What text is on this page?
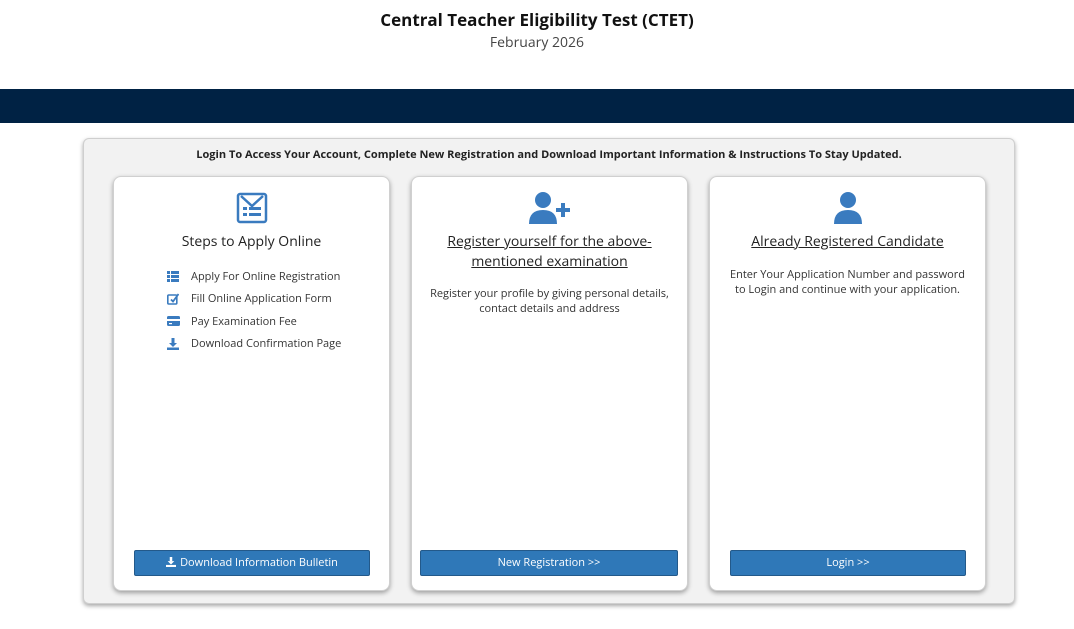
Central Teacher Eligibility Test (CTET)
February 2026
Login To Access Your Account, Complete New Registration and Download Important Information & Instructions To Stay Updated.
Steps to Apply Online
Apply For Online Registration
Fill Online Application Form
Pay Examination Fee
Download Confirmation Page
Download Information Bulletin
Register yourself for the above-mentioned examination
Register your profile by giving personal details, contact details and address
New Registration >>
Already Registered Candidate
Enter Your Application Number and password to Login and continue with your application.
Login >>
